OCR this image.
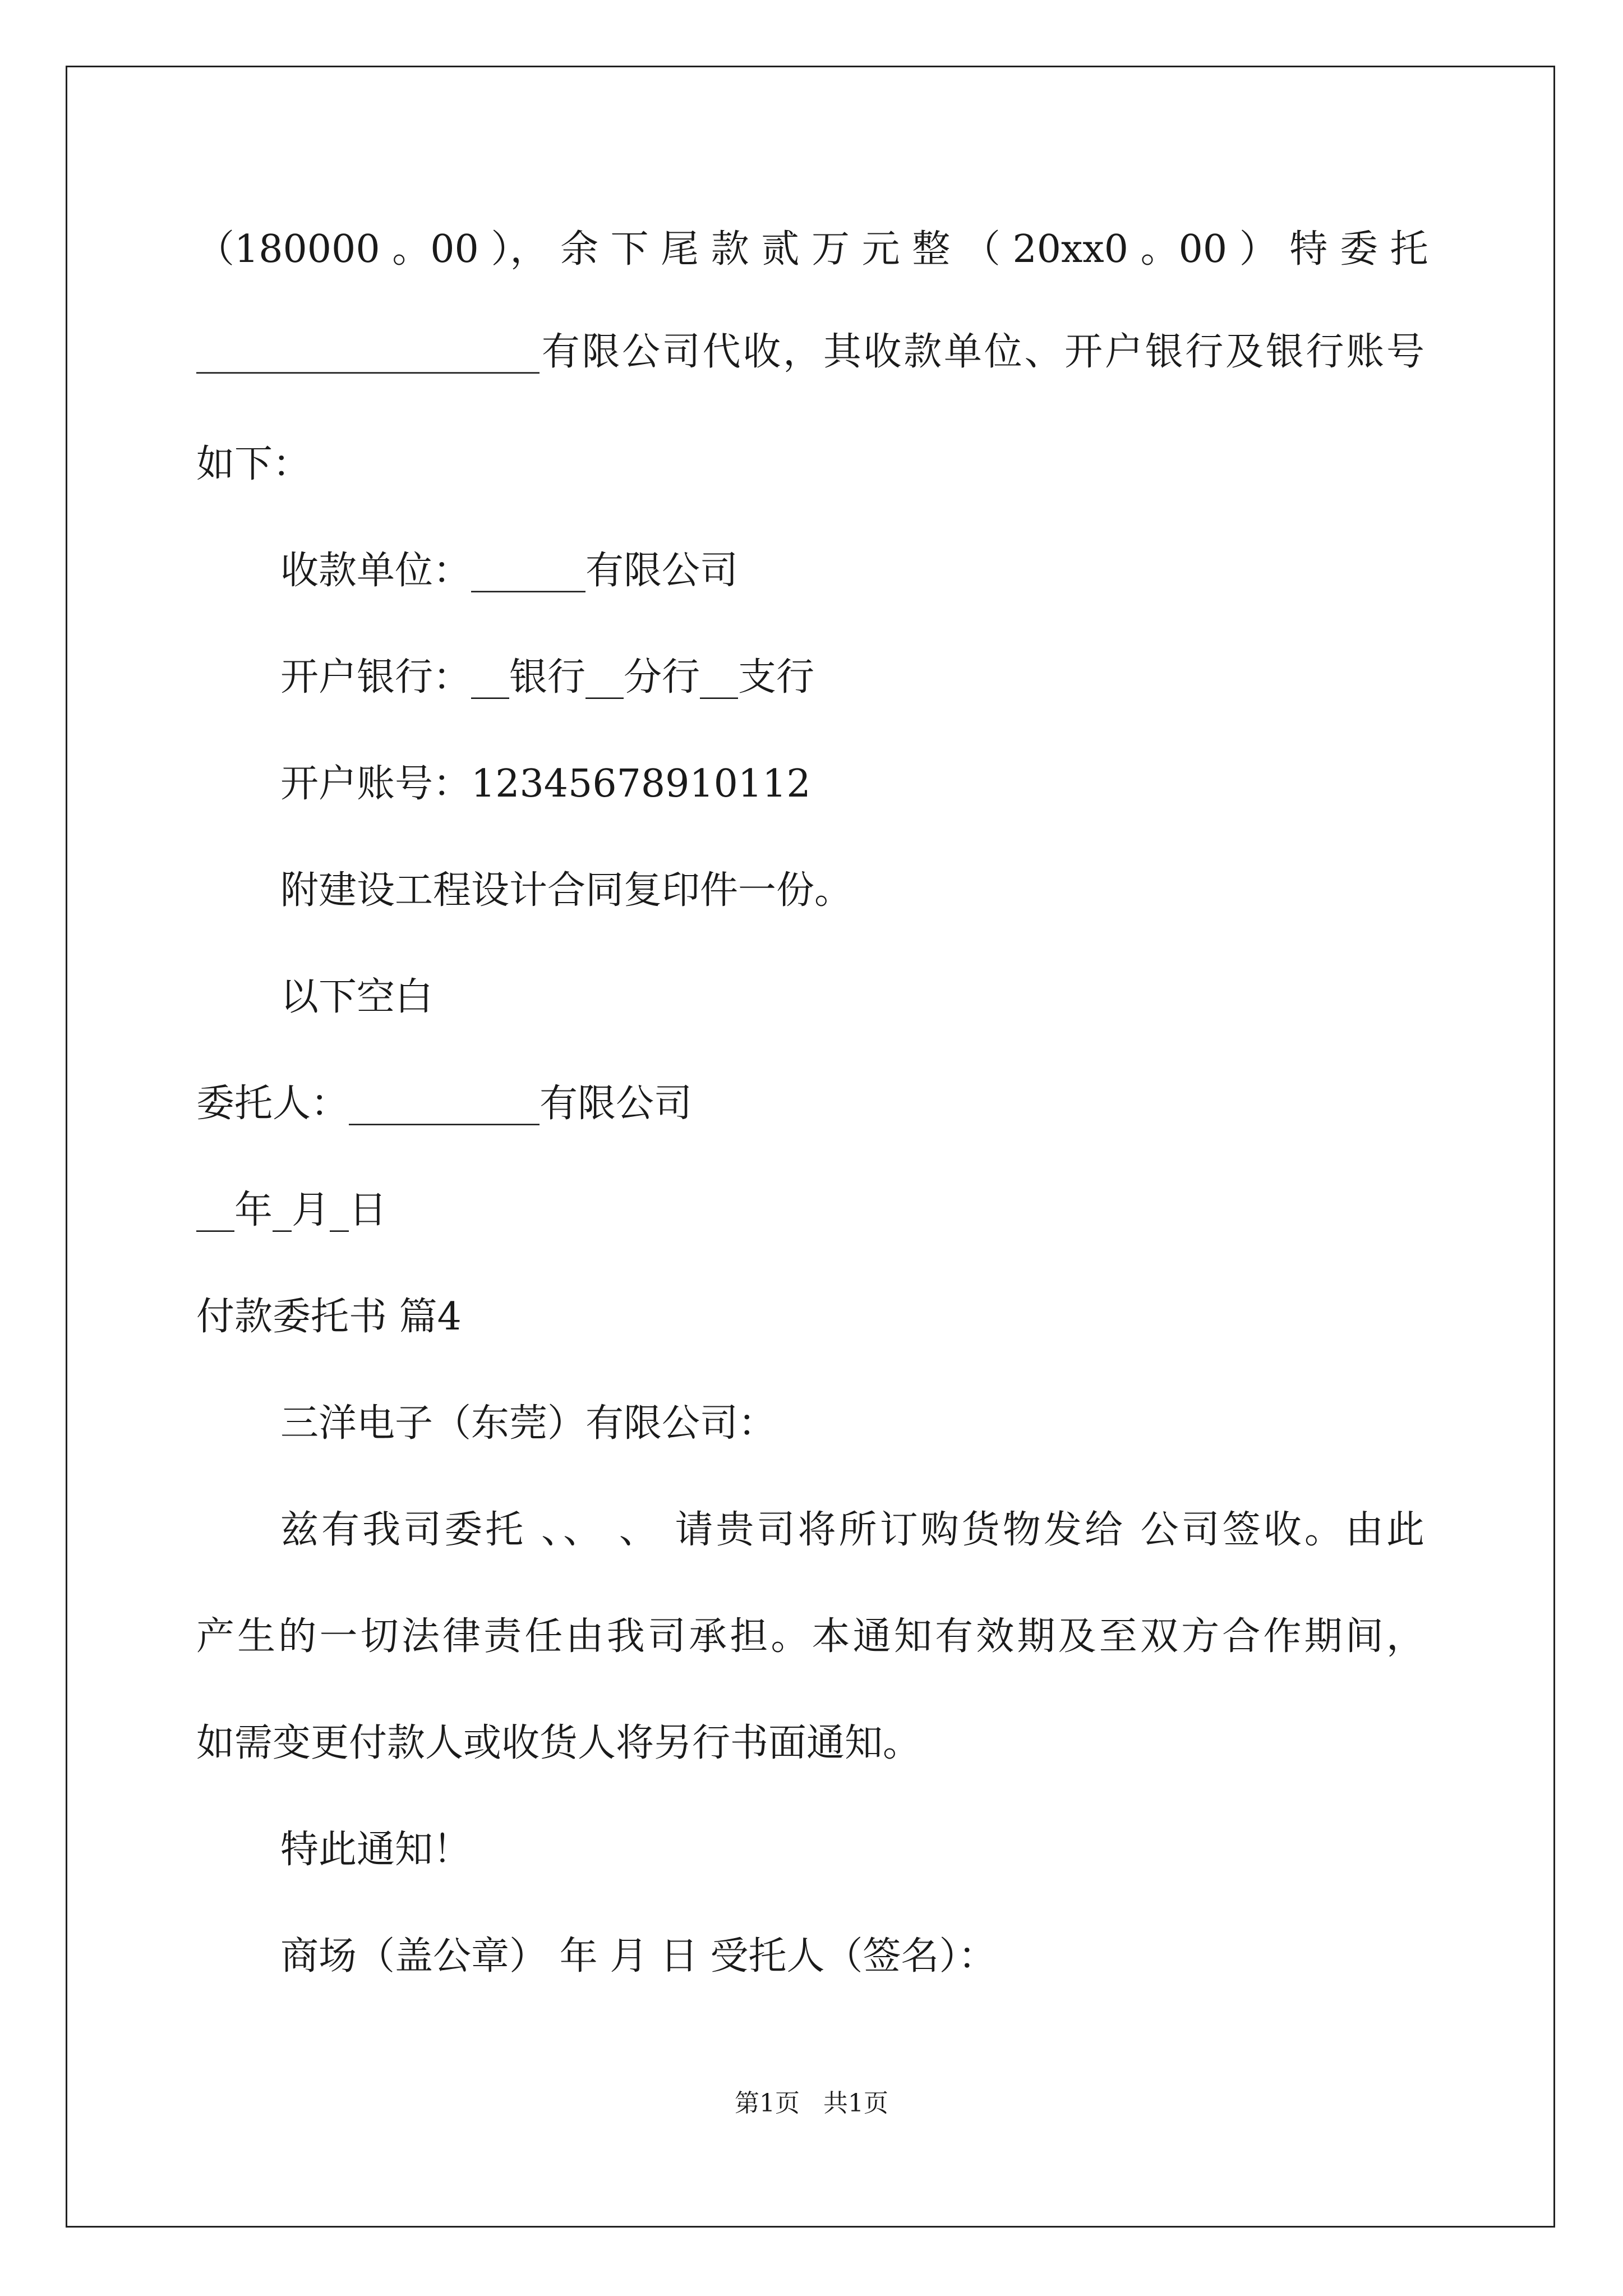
（180000 。00 ）， 余 下 尾 款 贰 万 元 整 （ 20xx0 。00 ） 特 委 托
__________________有限公司代收，其收款单位、开户银行及银行账号
如下：
收款单位：______有限公司
开户银行：__银行__分行__支行
开户账号：12345678910112
附建设工程设计合同复印件一份。
以下空白
委托人：__________有限公司
__年_月_日
付款委托书 篇4
三洋电子（东莞）有限公司：
兹有我司委托 、、 、 请贵司将所订购货物发给 公司签收。由此
产生的一切法律责任由我司承担。本通知有效期及至双方合作期间，
如需变更付款人或收货人将另行书面通知。
特此通知！
商场（盖公章） 年 月 日 受托人（签名）：
第1页   共1页
